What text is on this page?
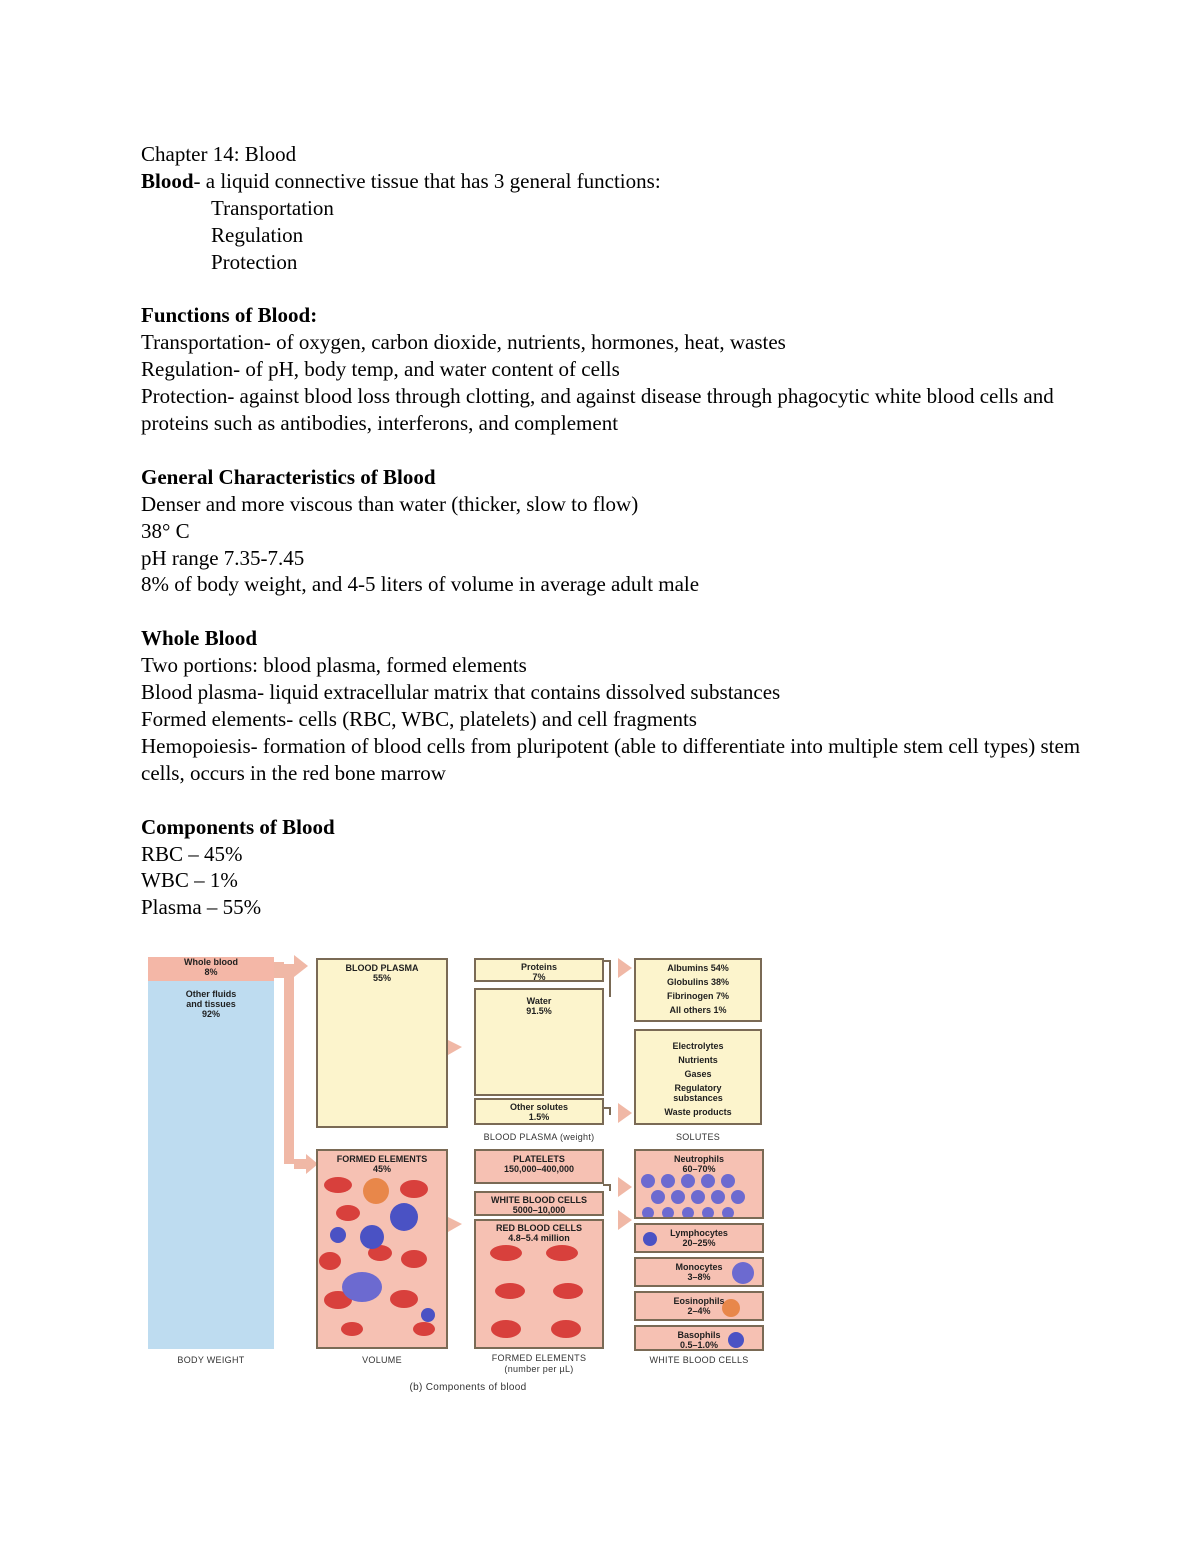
Chapter 14: Blood

Blood- a liquid connective tissue that has 3 general functions:

Transportation

Regulation

Protection

Functions of Blood:

Transportation- of oxygen, carbon dioxide, nutrients, hormones, heat, wastes

Regulation- of pH, body temp, and water content of cells

Protection- against blood loss through clotting, and against disease through phagocytic white blood cells and proteins such as antibodies, interferons, and complement

General Characteristics of Blood

Denser and more viscous than water (thicker, slow to flow)

38° C

pH range 7.35-7.45

8% of body weight, and 4-5 liters of volume in average adult male

Whole Blood

Two portions: blood plasma, formed elements

Blood plasma- liquid extracellular matrix that contains dissolved substances

Formed elements- cells (RBC, WBC, platelets) and cell fragments

Hemopoiesis- formation of blood cells from pluripotent (able to differentiate into multiple stem cell types) stem cells, occurs in the red bone marrow

Components of Blood

RBC – 45%

WBC – 1%

Plasma – 55%

Whole blood
8%
Other fluids
and tissues
92%
BLOOD PLASMA
55%
FORMED ELEMENTS
45%
Proteins
7%
Water
91.5%
Other solutes
1.5%
PLATELETS
150,000–400,000
WHITE BLOOD CELLS
5000–10,000
RED BLOOD CELLS
4.8–5.4 million
Albumins 54%
Globulins 38%
Fibrinogen 7%
All others 1%
Electrolytes
Nutrients
Gases
Regulatory
substances
Waste products
Neutrophils
60–70%
Lymphocytes
20–25%
Monocytes
3–8%
Eosinophils
2–4%
Basophils
0.5–1.0%
BODY WEIGHT	VOLUME
BLOOD PLASMA (weight)	SOLUTES
FORMED ELEMENTS
(number per µL)
WHITE BLOOD CELLS
(b) Components of blood
